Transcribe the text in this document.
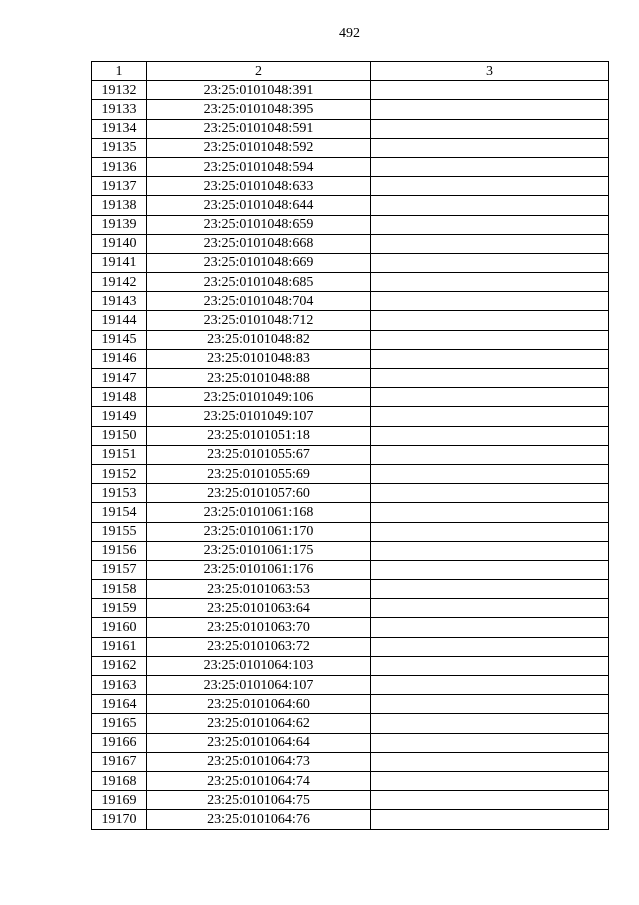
492
1	2	3
19132	23:25:0101048:391	
19133	23:25:0101048:395	
19134	23:25:0101048:591	
19135	23:25:0101048:592	
19136	23:25:0101048:594	
19137	23:25:0101048:633	
19138	23:25:0101048:644	
19139	23:25:0101048:659	
19140	23:25:0101048:668	
19141	23:25:0101048:669	
19142	23:25:0101048:685	
19143	23:25:0101048:704	
19144	23:25:0101048:712	
19145	23:25:0101048:82	
19146	23:25:0101048:83	
19147	23:25:0101048:88	
19148	23:25:0101049:106	
19149	23:25:0101049:107	
19150	23:25:0101051:18	
19151	23:25:0101055:67	
19152	23:25:0101055:69	
19153	23:25:0101057:60	
19154	23:25:0101061:168	
19155	23:25:0101061:170	
19156	23:25:0101061:175	
19157	23:25:0101061:176	
19158	23:25:0101063:53	
19159	23:25:0101063:64	
19160	23:25:0101063:70	
19161	23:25:0101063:72	
19162	23:25:0101064:103	
19163	23:25:0101064:107	
19164	23:25:0101064:60	
19165	23:25:0101064:62	
19166	23:25:0101064:64	
19167	23:25:0101064:73	
19168	23:25:0101064:74	
19169	23:25:0101064:75	
19170	23:25:0101064:76	
